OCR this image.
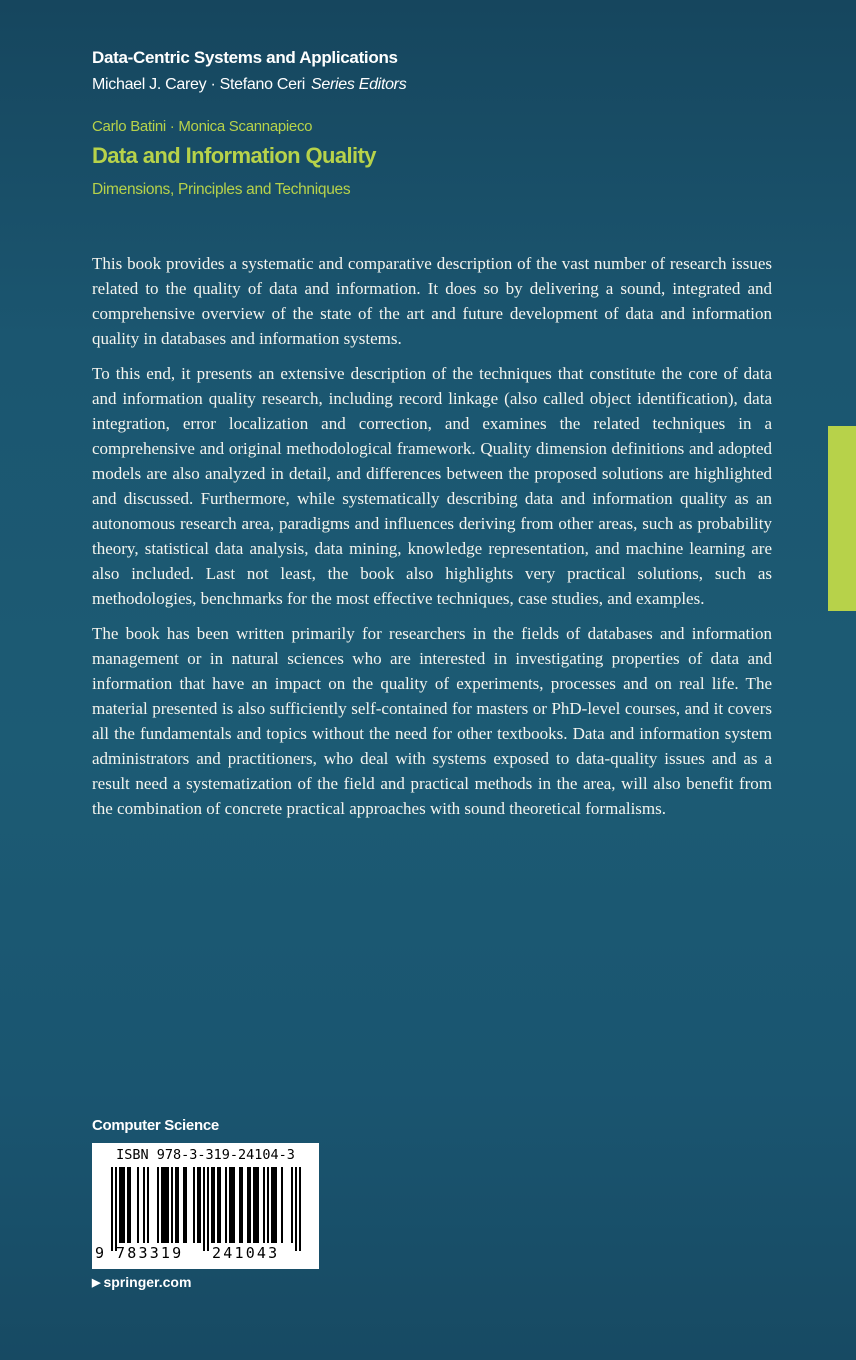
Data-Centric Systems and Applications
Michael J. Carey · Stefano Ceri Series Editors
Carlo Batini · Monica Scannapieco
Data and Information Quality
Dimensions, Principles and Techniques

This book provides a systematic and comparative description of the vast number of research issues related to the quality of data and information. It does so by delivering a sound, integrated and comprehensive overview of the state of the art and future development of data and information quality in databases and information systems.

To this end, it presents an extensive description of the techniques that constitute the core of data and information quality research, including record linkage (also called object identification), data integration, error localization and correction, and examines the related techniques in a comprehensive and original methodological framework. Quality dimension definitions and adopted models are also analyzed in detail, and differences between the proposed solutions are highlighted and discussed. Furthermore, while systematically describing data and information quality as an autonomous research area, paradigms and influences deriving from other areas, such as probability theory, statistical data analysis, data mining, knowledge representation, and machine learning are also included. Last not least, the book also highlights very practical solutions, such as methodologies, benchmarks for the most effective techniques, case studies, and examples.

The book has been written primarily for researchers in the fields of databases and information management or in natural sciences who are interested in investigating properties of data and information that have an impact on the quality of experiments, processes and on real life. The material presented is also sufficiently self-contained for masters or PhD-level courses, and it covers all the fundamentals and topics without the need for other textbooks. Data and information system administrators and practitioners, who deal with systems exposed to data-quality issues and as a result need a systematization of the field and practical methods in the area, will also benefit from the combination of concrete practical approaches with sound theoretical formalisms.

Computer Science
ISBN 978-3-319-24104-3
9 783319 241043
▶ springer.com
